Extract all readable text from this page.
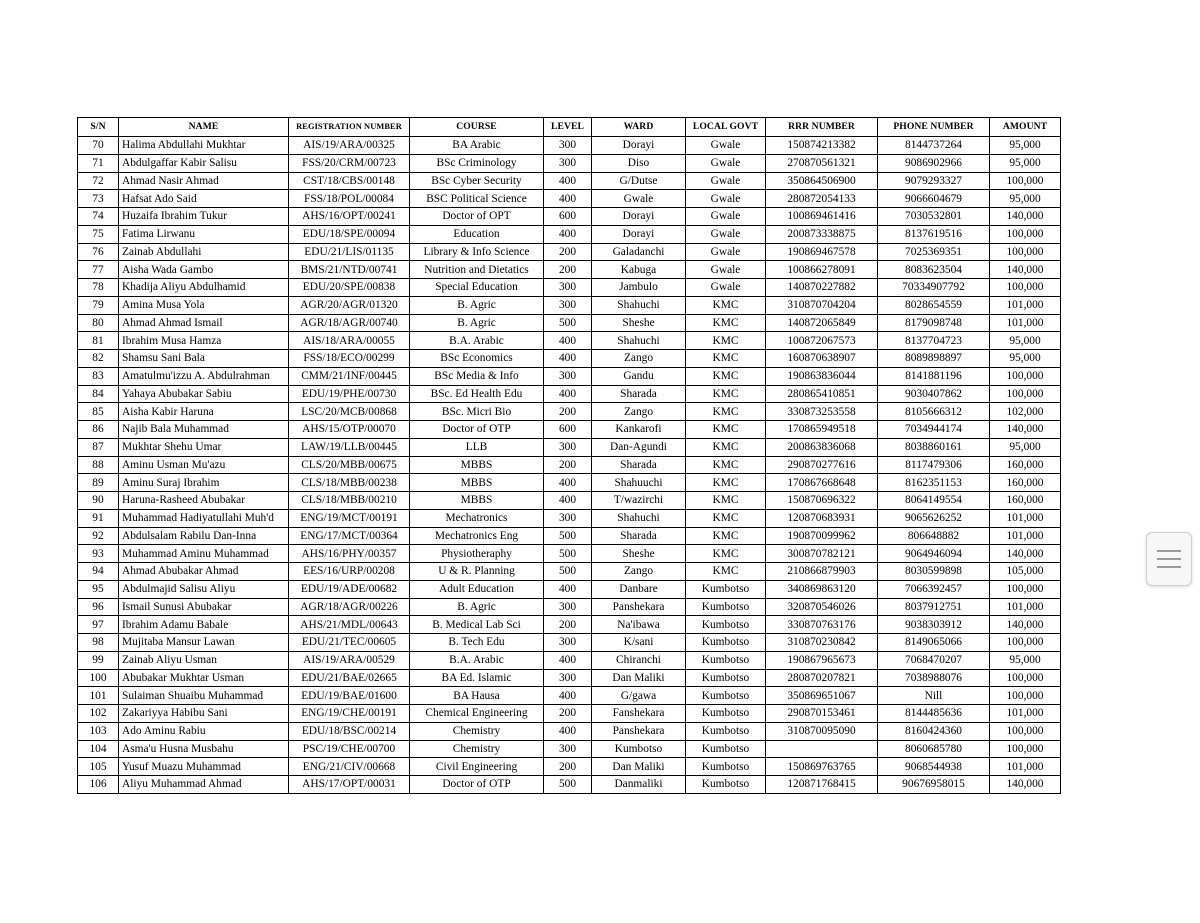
S/N	NAME	REGISTRATION NUMBER	COURSE	LEVEL	WARD	LOCAL GOVT	RRR NUMBER	PHONE NUMBER	AMOUNT
70	Halima Abdullahi Mukhtar	AIS/19/ARA/00325	BA Arabic	300	Dorayi	Gwale	150874213382	8144737264	95,000
71	Abdulgaffar Kabir Salisu	FSS/20/CRM/00723	BSc Criminology	300	Diso	Gwale	270870561321	9086902966	95,000
72	Ahmad Nasir Ahmad	CST/18/CBS/00148	BSc Cyber Security	400	G/Dutse	Gwale	350864506900	9079293327	100,000
73	Hafsat Ado Said	FSS/18/POL/00084	BSC Political Science	400	Gwale	Gwale	280872054133	9066604679	95,000
74	Huzaifa Ibrahim Tukur	AHS/16/OPT/00241	Doctor of OPT	600	Dorayi	Gwale	100869461416	7030532801	140,000
75	Fatima Lirwanu	EDU/18/SPE/00094	Education	400	Dorayi	Gwale	200873338875	8137619516	100,000
76	Zainab Abdullahi	EDU/21/LIS/01135	Library & Info Science	200	Galadanchi	Gwale	190869467578	7025369351	100,000
77	Aisha Wada Gambo	BMS/21/NTD/00741	Nutrition and Dietatics	200	Kabuga	Gwale	100866278091	8083623504	140,000
78	Khadija Aliyu Abdulhamid	EDU/20/SPE/00838	Special Eduсation	300	Jambulo	Gwale	140870227882	70334907792	100,000
79	Amina Musa Yola	AGR/20/AGR/01320	B. Agric	300	Shahuchi	KMC	310870704204	8028654559	101,000
80	Ahmad Ahmad Ismail	AGR/18/AGR/00740	B. Agric	500	Sheshe	KMC	140872065849	8179098748	101,000
81	Ibrahim Musa Hamza	AIS/18/ARA/00055	B.A. Arabic	400	Shahuchi	KMC	100872067573	8137704723	95,000
82	Shamsu Sani Bala	FSS/18/ECO/00299	BSc Economics	400	Zango	KMC	160870638907	8089898897	95,000
83	Amatulmu'izzu A. Abdulrahman	CMM/21/INF/00445	BSc Media & Info	300	Gandu	KMC	190863836044	8141881196	100,000
84	Yahaya Abubakar Sabiu	EDU/19/PHE/00730	BSc. Ed Health Edu	400	Sharada	KMC	280865410851	9030407862	100,000
85	Aisha Kabir Haruna	LSC/20/MCB/00868	BSc. Micri Bio	200	Zango	KMC	330873253558	8105666312	102,000
86	Najib Bala Muhammad	AHS/15/OTP/00070	Doctor of OTP	600	Kankarofi	KMC	170865949518	7034944174	140,000
87	Mukhtar Shehu Umar	LAW/19/LLB/00445	LLB	300	Dan-Agundi	KMC	200863836068	8038860161	95,000
88	Aminu Usman Mu'azu	CLS/20/MBB/00675	MBBS	200	Sharada	KMC	290870277616	8117479306	160,000
89	Aminu Suraj Ibrahim	CLS/18/MBB/00238	MBBS	400	Shahuuchi	KMC	170867668648	8162351153	160,000
90	Haruna-Rasheed Abubakar	CLS/18/MBB/00210	MBBS	400	T/wazirchi	KMC	150870696322	8064149554	160,000
91	Muhammad Hadiyatullahi Muh'd	ENG/19/MCT/00191	Mechatronics	300	Shahuchi	KMC	120870683931	9065626252	101,000
92	Abdulsalam Rabilu Dan-Inna	ENG/17/MCT/00364	Mechatronics Eng	500	Sharada	KMC	190870099962	806648882	101,000
93	Muhammad Aminu Muhammad	AHS/16/PHY/00357	Physiotheraphy	500	Sheshe	KMC	300870782121	9064946094	140,000
94	Ahmad Abubakar Ahmad	EES/16/URP/00208	U & R. Planning	500	Zango	KMC	210866879903	8030599898	105,000
95	Abdulmajid Salisu Aliyu	EDU/19/ADE/00682	Adult Education	400	Danbare	Kumbotso	340869863120	7066392457	100,000
96	Ismail Sunusi Abubakar	AGR/18/AGR/00226	B. Agric	300	Panshekara	Kumbotso	320870546026	8037912751	101,000
97	Ibrahim Adamu Babale	AHS/21/MDL/00643	B. Medical Lab Sci	200	Na'ibawa	Kumbotso	330870763176	9038303912	140,000
98	Mujitaba Mansur Lawan	EDU/21/TEC/00605	B. Tech Edu	300	K/sani	Kumbotso	310870230842	8149065066	100,000
99	Zainab Aliyu Usman	AIS/19/ARA/00529	B.A. Arabic	400	Chiranchi	Kumbotso	190867965673	7068470207	95,000
100	Abubakar Mukhtar Usman	EDU/21/BAE/02665	BA Ed. Islamic	300	Dan Maliki	Kumbotso	280870207821	7038988076	100,000
101	Sulaiman Shuaibu Muhammad	EDU/19/BAE/01600	BA Hausa	400	G/gawa	Kumbotso	350869651067	Nill	100,000
102	Zakariyya Habibu Sani	ENG/19/CHE/00191	Chemical Engineering	200	Fanshekara	Kumbotso	290870153461	8144485636	101,000
103	Ado Aminu Rabiu	EDU/18/BSC/00214	Chemistry	400	Panshekara	Kumbotso	310870095090	8160424360	100,000
104	Asma'u Husna Musbahu	PSC/19/CHE/00700	Chemistry	300	Kumbotso	Kumbotso		8060685780	100,000
105	Yusuf Muazu Muhammad	ENG/21/CIV/00668	Civil Engineering	200	Dan Maliki	Kumbotso	150869763765	9068544938	101,000
106	Aliyu Muhammad Ahmad	AHS/17/OPT/00031	Doctor of OTP	500	Danmaliki	Kumbotso	120871768415	90676958015	140,000
